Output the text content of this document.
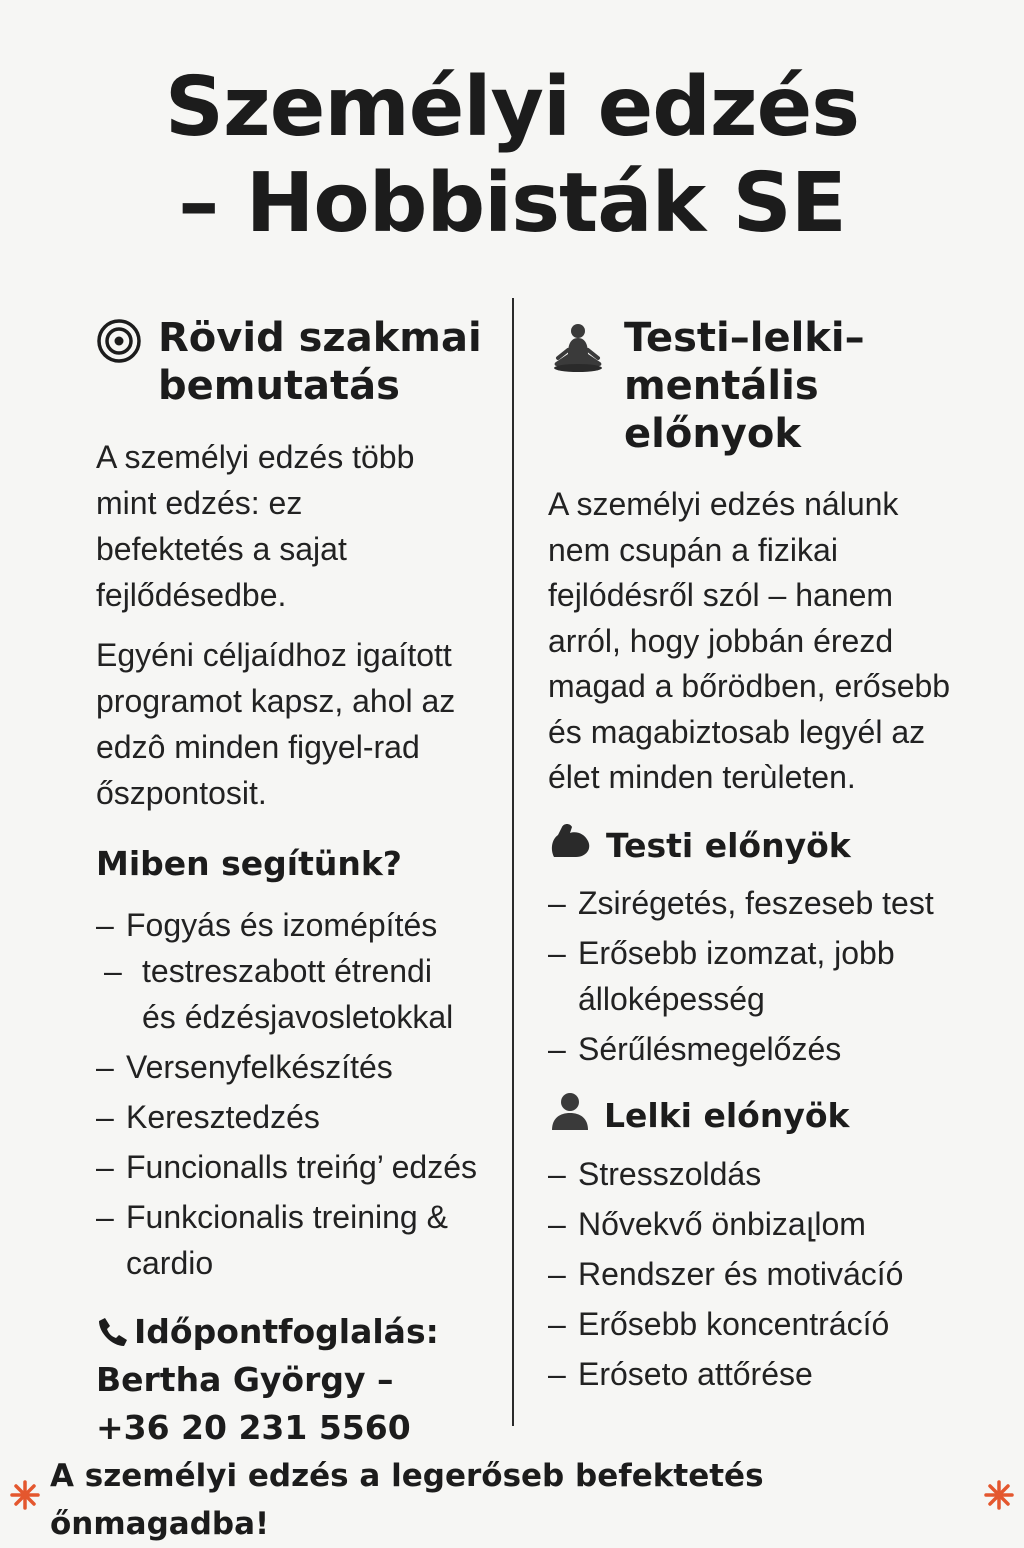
Személyi edzés
– Hobbisták SE
Rövid szakmai bemutatás

A személyi edzés több mint edzés: ez befektetés a sajat fejlődésedbe.

Egyéni céljaídhoz igaított programot kapsz, ahol az edzô minden figyel-rad őszpontosit.

Miben segítünk?
– Fogyás és izomépítés
– testreszabott étrendi és édzésjavosletokkal
– Versenyfelkészítés
– Keresztedzés
– Funcionalls treińg’ edzés
– Funkcionalis treining & cardio
Időpontfoglalás:
Bertha György –
+36 20 231 5560
Testi–lelki–mentális előnyok

A személyi edzés nálunk nem csupán a fizikai fejlódésről szól – hanem arról, hogy jobbán érezd magad a bőrödben, erősebb és magabiztosab legyél az élet minden terùleten.

Testi előnyök
– Zsirégetés, feszeseb test
– Erősebb izomzat, jobb álloképesség
– Sérűlésmegelőzés
Lelki elónyök
– Stresszoldás
– Nővekvő önbizaլlom
– Rendszer és motivácíó
– Erősebb koncentrácíó
– Erósetо attőrése
A személyi edzés a legerőseb befektetés őnmagadba!
